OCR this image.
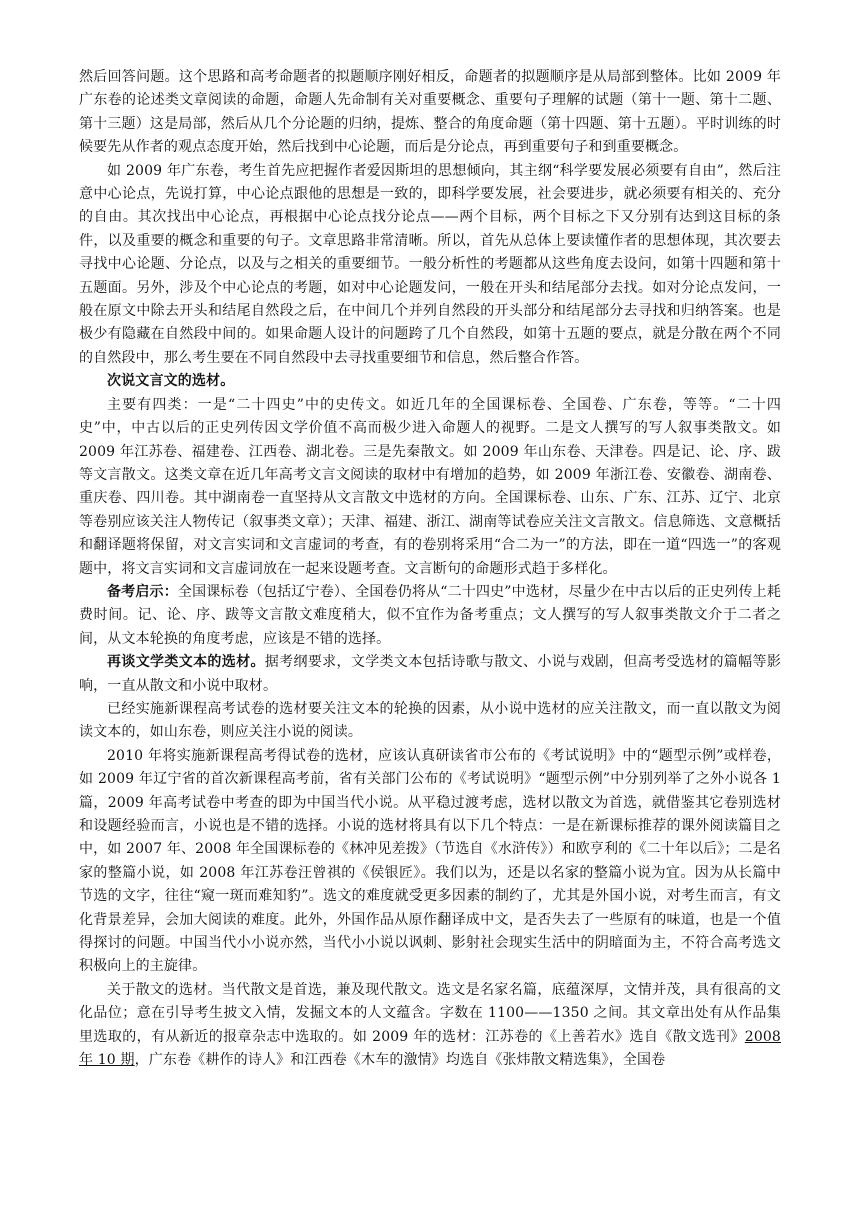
然后回答问题。这个思路和高考命题者的拟题顺序刚好相反，命题者的拟题顺序是从局部到整体。比如 2009 年广东卷的论述类文章阅读的命题，命题人先命制有关对重要概念、重要句子理解的试题（第十一题、第十二题、第十三题）这是局部，然后从几个分论题的归纳，提炼、整合的角度命题（第十四题、第十五题）。平时训练的时候要先从作者的观点态度开始，然后找到中心论题，而后是分论点，再到重要句子和到重要概念。

如 2009 年广东卷，考生首先应把握作者爱因斯坦的思想倾向，其主纲“科学要发展必须要有自由”，然后注意中心论点，先说打算，中心论点跟他的思想是一致的，即科学要发展，社会要进步，就必须要有相关的、充分的自由。其次找出中心论点，再根据中心论点找分论点——两个目标，两个目标之下又分别有达到这目标的条件，以及重要的概念和重要的句子。文章思路非常清晰。所以，首先从总体上要读懂作者的思想体现，其次要去寻找中心论题、分论点，以及与之相关的重要细节。一般分析性的考题都从这些角度去设问，如第十四题和第十五题面。另外，涉及个中心论点的考题，如对中心论题发问，一般在开头和结尾部分去找。如对分论点发问，一般在原文中除去开头和结尾自然段之后，在中间几个并列自然段的开头部分和结尾部分去寻找和归纳答案。也是极少有隐藏在自然段中间的。如果命题人设计的问题跨了几个自然段，如第十五题的要点，就是分散在两个不同的自然段中，那么考生要在不同自然段中去寻找重要细节和信息，然后整合作答。

次说文言文的选材。

主要有四类：一是“二十四史”中的史传文。如近几年的全国课标卷、全国卷、广东卷，等等。“二十四史”中，中古以后的正史列传因文学价值不高而极少进入命题人的视野。二是文人撰写的写人叙事类散文。如 2009 年江苏卷、福建卷、江西卷、湖北卷。三是先秦散文。如 2009 年山东卷、天津卷。四是记、论、序、跋等文言散文。这类文章在近几年高考文言文阅读的取材中有增加的趋势，如 2009 年浙江卷、安徽卷、湖南卷、重庆卷、四川卷。其中湖南卷一直坚持从文言散文中选材的方向。全国课标卷、山东、广东、江苏、辽宁、北京等卷别应该关注人物传记（叙事类文章）；天津、福建、浙江、湖南等试卷应关注文言散文。信息筛选、文意概括和翻译题将保留，对文言实词和文言虚词的考查，有的卷别将采用“合二为一”的方法，即在一道“四选一”的客观题中，将文言实词和文言虚词放在一起来设题考查。文言断句的命题形式趋于多样化。

备考启示：全国课标卷（包括辽宁卷）、全国卷仍将从“二十四史”中选材，尽量少在中古以后的正史列传上耗费时间。记、论、序、跋等文言散文难度稍大，似不宜作为备考重点；文人撰写的写人叙事类散文介于二者之间，从文本轮换的角度考虑，应该是不错的选择。

再谈文学类文本的选材。据考纲要求，文学类文本包括诗歌与散文、小说与戏剧，但高考受选材的篇幅等影响，一直从散文和小说中取材。

已经实施新课程高考试卷的选材要关注文本的轮换的因素，从小说中选材的应关注散文，而一直以散文为阅读文本的，如山东卷，则应关注小说的阅读。

2010 年将实施新课程高考得试卷的选材，应该认真研读省市公布的《考试说明》中的“题型示例”或样卷，如 2009 年辽宁省的首次新课程高考前，省有关部门公布的《考试说明》“题型示例”中分别列举了之外小说各 1 篇，2009 年高考试卷中考查的即为中国当代小说。从平稳过渡考虑，选材以散文为首选，就借鉴其它卷别选材和设题经验而言，小说也是不错的选择。小说的选材将具有以下几个特点：一是在新课标推荐的课外阅读篇目之中，如 2007 年、2008 年全国课标卷的《林冲见差拨》（节选自《水浒传》）和欧亨利的《二十年以后》；二是名家的整篇小说，如 2008 年江苏卷汪曾祺的《侯银匠》。我们以为，还是以名家的整篇小说为宜。因为从长篇中节选的文字，往往“窥一斑而难知豹”。选文的难度就受更多因素的制约了，尤其是外国小说，对考生而言，有文化背景差异，会加大阅读的难度。此外，外国作品从原作翻译成中文，是否失去了一些原有的味道，也是一个值得探讨的问题。中国当代小小说亦然，当代小小说以讽刺、影射社会现实生活中的阴暗面为主，不符合高考选文积极向上的主旋律。

关于散文的选材。当代散文是首选，兼及现代散文。选文是名家名篇，底蕴深厚，文情并茂，具有很高的文化品位；意在引导考生披文入情，发掘文本的人文蕴含。字数在 1100——1350 之间。其文章出处有从作品集里选取的，有从新近的报章杂志中选取的。如 2009 年的选材：江苏卷的《上善若水》选自《散文选刊》2008 年 10 期，广东卷《耕作的诗人》和江西卷《木车的激情》均选自《张炜散文精选集》，全国卷
